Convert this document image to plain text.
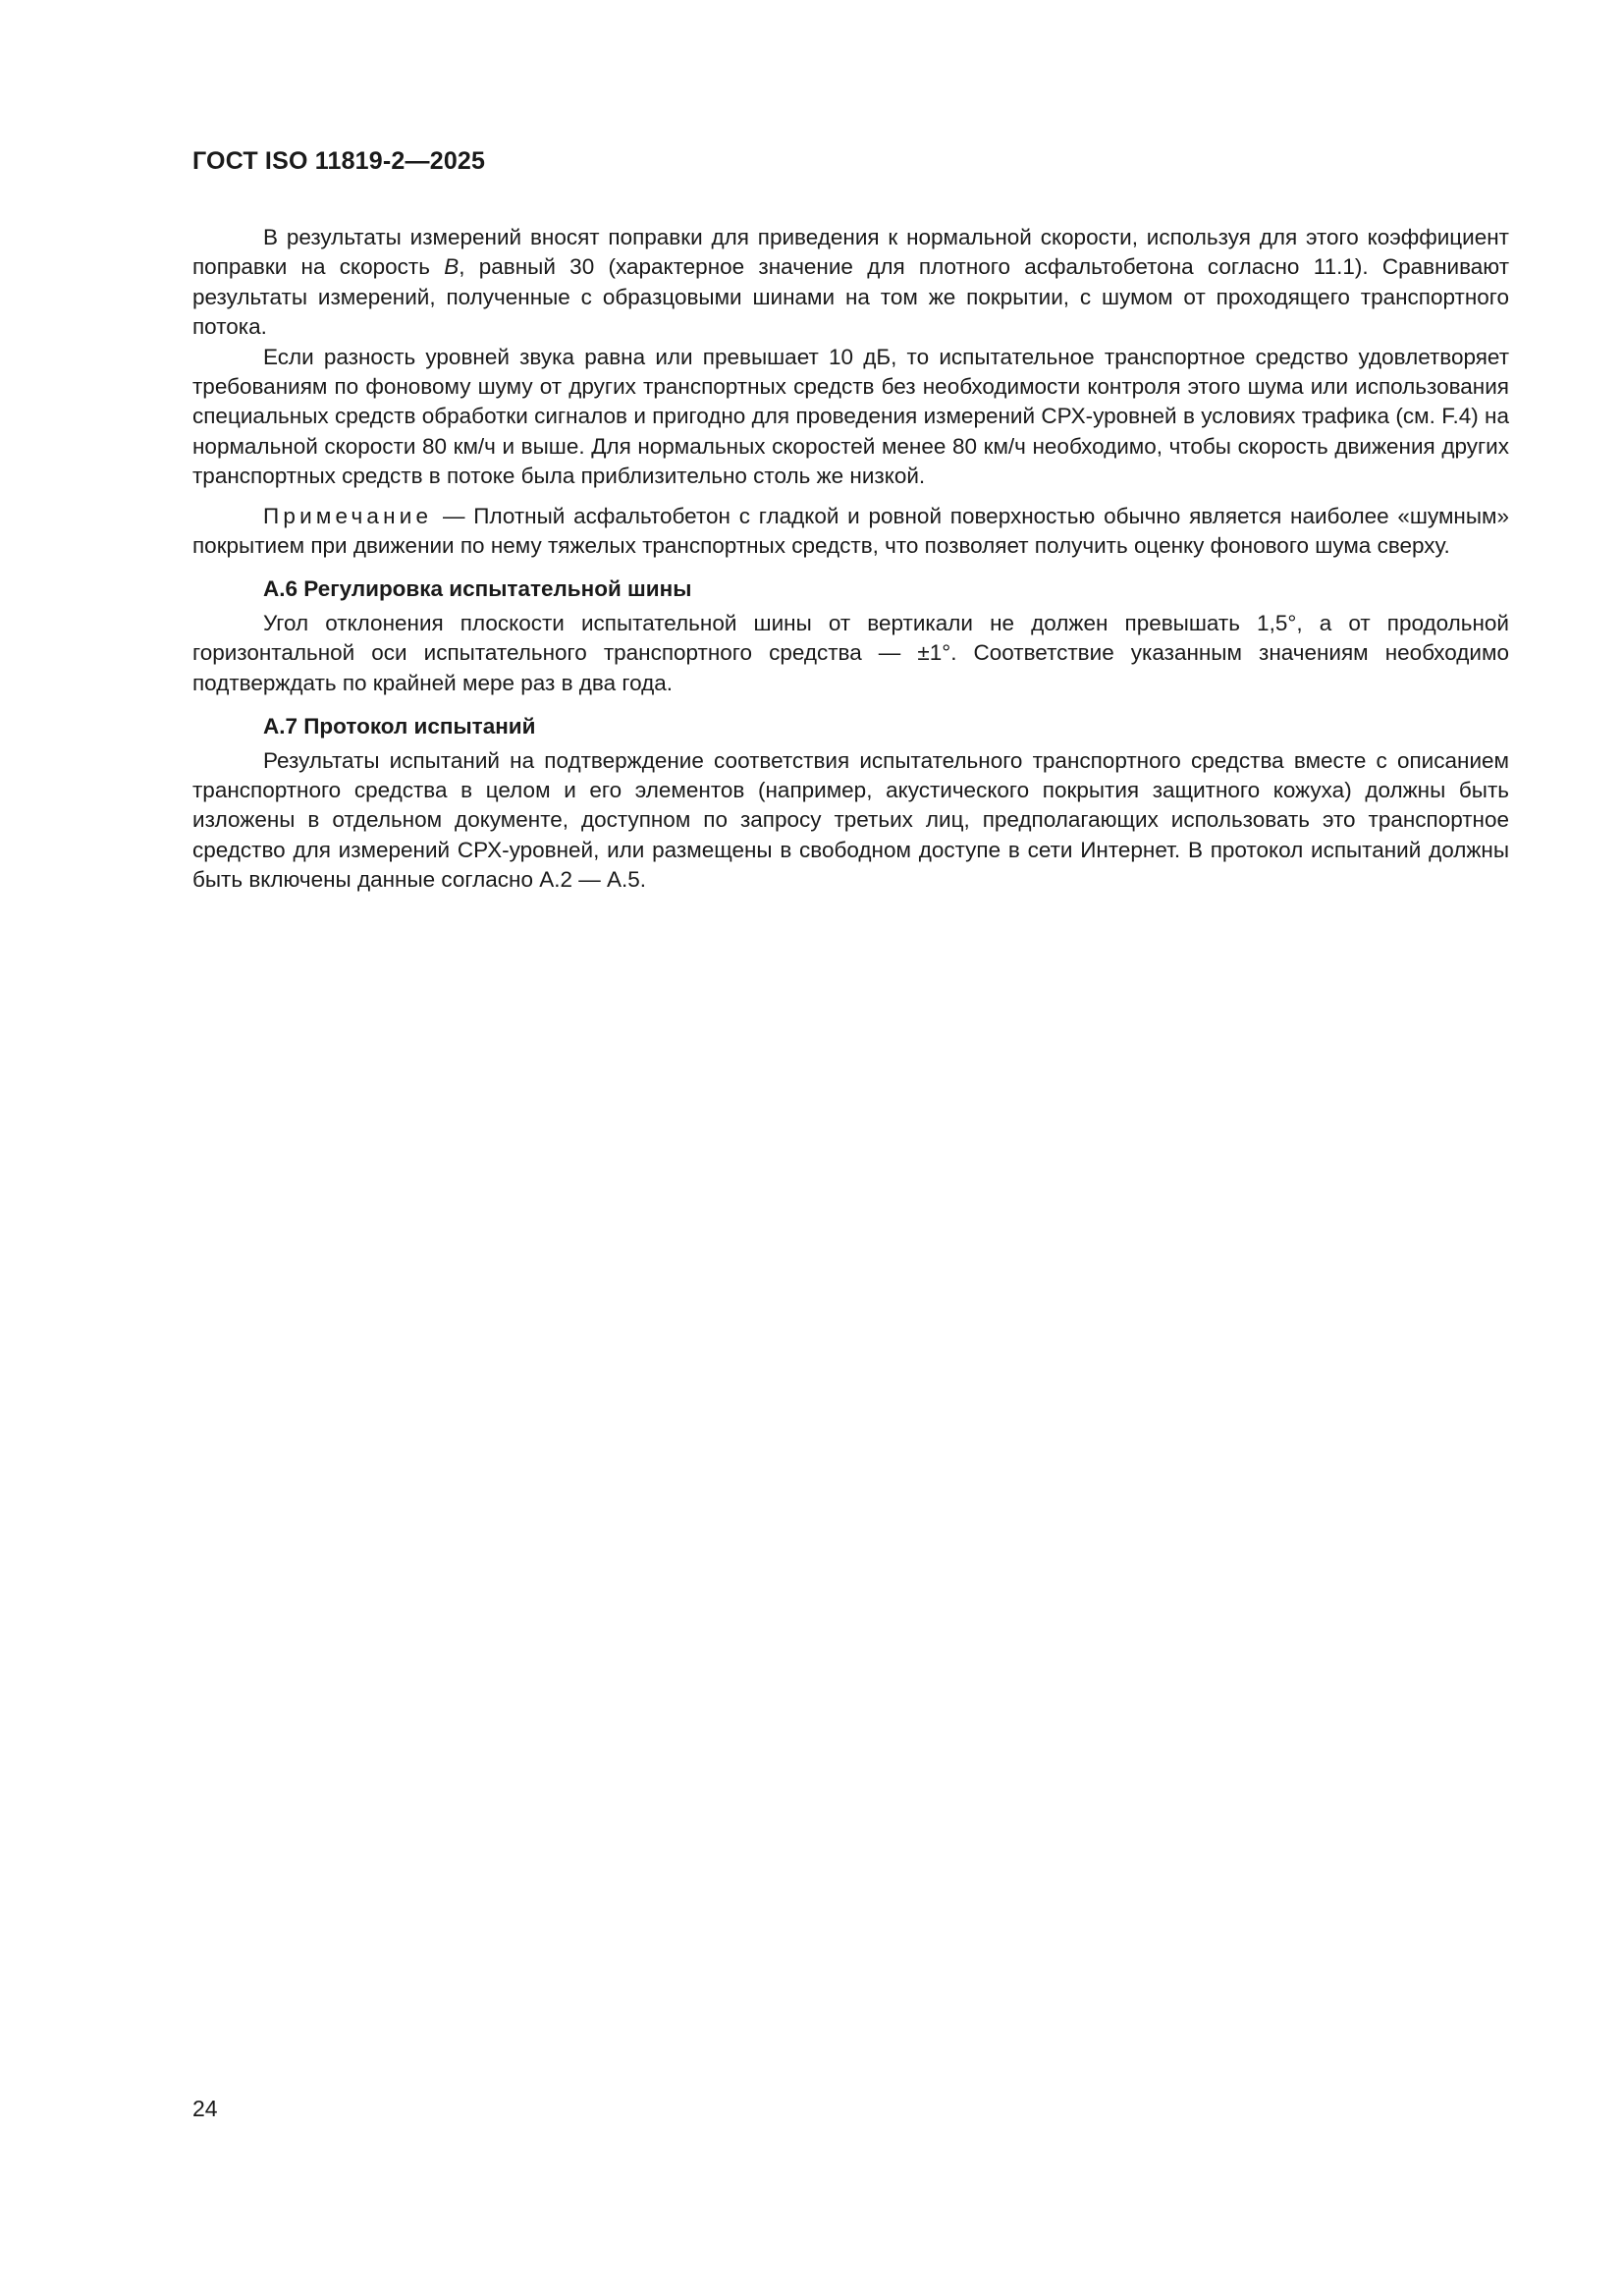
ГОСТ ISO 11819-2—2025

В результаты измерений вносят поправки для приведения к нормальной скорости, используя для этого коэффициент поправки на скорость B, равный 30 (характерное значение для плотного асфальтобетона согласно 11.1). Сравнивают результаты измерений, полученные с образцовыми шинами на том же покрытии, с шумом от проходящего транспортного потока.

Если разность уровней звука равна или превышает 10 дБ, то испытательное транспортное средство удовлетворяет требованиям по фоновому шуму от других транспортных средств без необходимости контроля этого шума или использования специальных средств обработки сигналов и пригодно для проведения измерений СРХ-уровней в условиях трафика (см. F.4) на нормальной скорости 80 км/ч и выше. Для нормальных скоростей менее 80 км/ч необходимо, чтобы скорость движения других транспортных средств в потоке была приблизительно столь же низкой.

Примечание — Плотный асфальтобетон с гладкой и ровной поверхностью обычно является наиболее «шумным» покрытием при движении по нему тяжелых транспортных средств, что позволяет получить оценку фонового шума сверху.

А.6 Регулировка испытательной шины

Угол отклонения плоскости испытательной шины от вертикали не должен превышать 1,5°, а от продольной горизонтальной оси испытательного транспортного средства — ±1°. Соответствие указанным значениям необходимо подтверждать по крайней мере раз в два года.

А.7 Протокол испытаний

Результаты испытаний на подтверждение соответствия испытательного транспортного средства вместе с описанием транспортного средства в целом и его элементов (например, акустического покрытия защитного кожуха) должны быть изложены в отдельном документе, доступном по запросу третьих лиц, предполагающих использовать это транспортное средство для измерений СРХ-уровней, или размещены в свободном доступе в сети Интернет. В протокол испытаний должны быть включены данные согласно А.2 — А.5.

24
